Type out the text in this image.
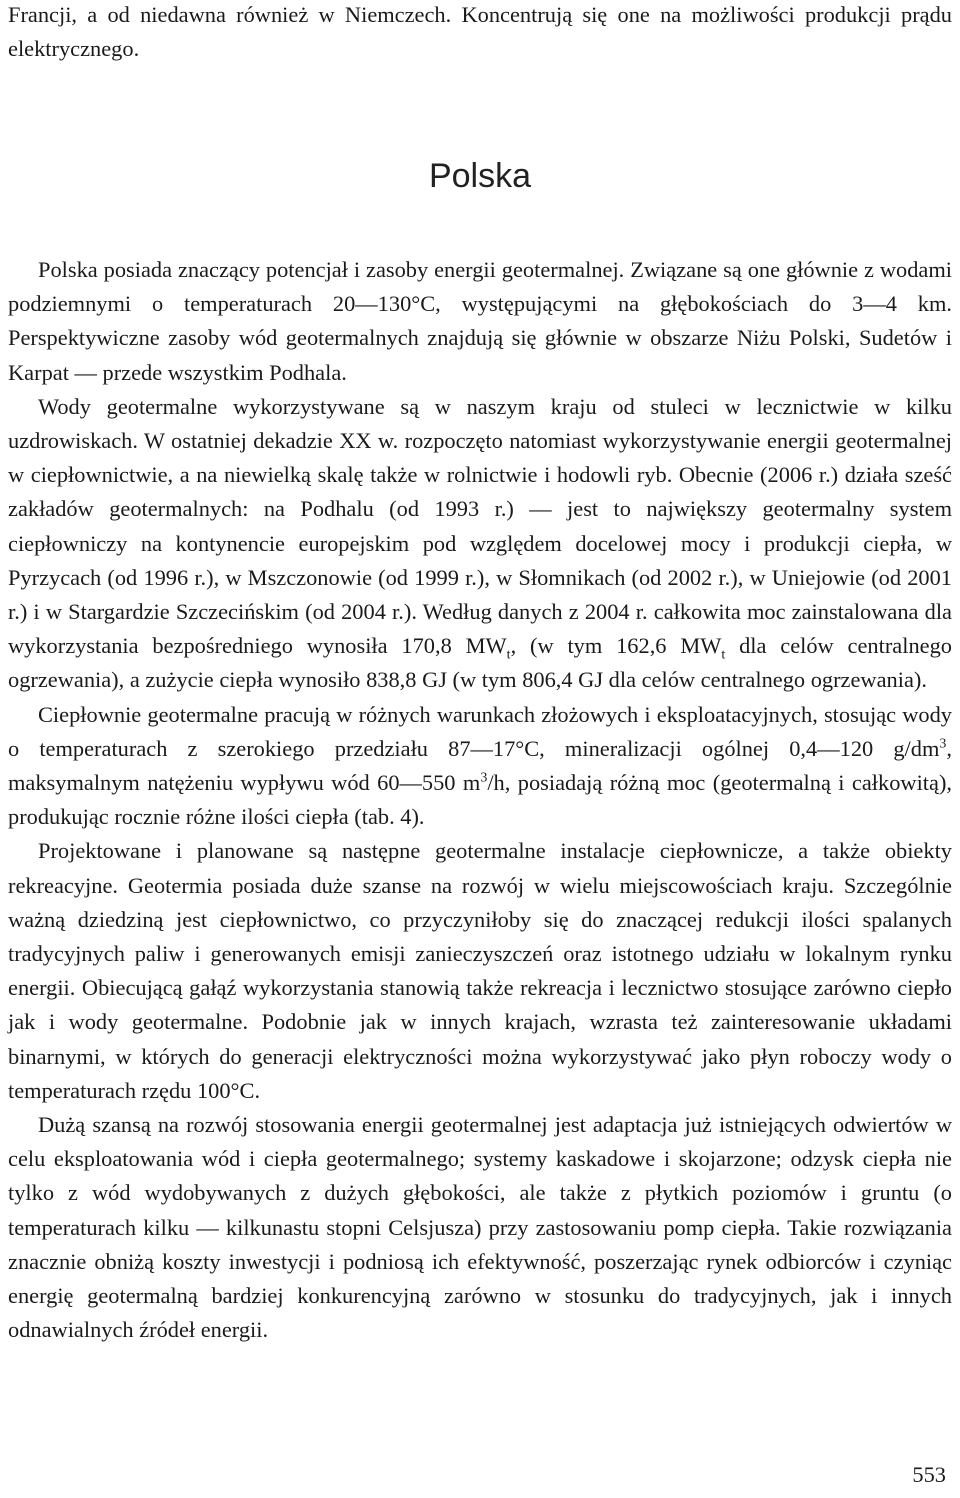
Francji, a od niedawna również w Niemczech. Koncentrują się one na możliwości produkcji prądu elektrycznego.

Polska

Polska posiada znaczący potencjał i zasoby energii geotermalnej. Związane są one głównie z wodami podziemnymi o temperaturach 20—130°C, występującymi na głębokościach do 3—4 km. Perspektywiczne zasoby wód geotermalnych znajdują się głównie w obszarze Niżu Polski, Sudetów i Karpat — przede wszystkim Podhala.

Wody geotermalne wykorzystywane są w naszym kraju od stuleci w lecznictwie w kilku uzdrowiskach. W ostatniej dekadzie XX w. rozpoczęto natomiast wykorzystywanie energii geotermalnej w ciepłownictwie, a na niewielką skalę także w rolnictwie i hodowli ryb. Obecnie (2006 r.) działa sześć zakładów geotermalnych: na Podhalu (od 1993 r.) — jest to największy geotermalny system ciepłowniczy na kontynencie europejskim pod względem docelowej mocy i produkcji ciepła, w Pyrzycach (od 1996 r.), w Mszczonowie (od 1999 r.), w Słomnikach (od 2002 r.), w Uniejowie (od 2001 r.) i w Stargardzie Szczecińskim (od 2004 r.). Według danych z 2004 r. całkowita moc zainstalowana dla wykorzystania bezpośredniego wynosiła 170,8 $MW_t$, (w tym 162,6 $MW_t$ dla celów centralnego ogrzewania), a zużycie ciepła wynosiło 838,8 GJ (w tym 806,4 GJ dla celów centralnego ogrzewania).

Ciepłownie geotermalne pracują w różnych warunkach złożowych i eksploatacyjnych, stosując wody o temperaturach z szerokiego przedziału 87—17°C, mineralizacji ogólnej 0,4—120 $g/dm^3$, maksymalnym natężeniu wypływu wód 60—550 $m^3/h$, posiadają różną moc (geotermalną i całkowitą), produkując rocznie różne ilości ciepła (tab. 4).

Projektowane i planowane są następne geotermalne instalacje ciepłownicze, a także obiekty rekreacyjne. Geotermia posiada duże szanse na rozwój w wielu miejscowościach kraju. Szczególnie ważną dziedziną jest ciepłownictwo, co przyczyniłoby się do znaczącej redukcji ilości spalanych tradycyjnych paliw i generowanych emisji zanieczyszczeń oraz istotnego udziału w lokalnym rynku energii. Obiecującą gałąź wykorzystania stanowią także rekreacja i lecznictwo stosujące zarówno ciepło jak i wody geotermalne. Podobnie jak w innych krajach, wzrasta też zainteresowanie układami binarnymi, w których do generacji elektryczności można wykorzystywać jako płyn roboczy wody o temperaturach rzędu 100°C.

Dużą szansą na rozwój stosowania energii geotermalnej jest adaptacja już istniejących odwiertów w celu eksploatowania wód i ciepła geotermalnego; systemy kaskadowe i skojarzone; odzysk ciepła nie tylko z wód wydobywanych z dużych głębokości, ale także z płytkich poziomów i gruntu (o temperaturach kilku — kilkunastu stopni Celsjusza) przy zastosowaniu pomp ciepła. Takie rozwiązania znacznie obniżą koszty inwestycji i podniosą ich efektywność, poszerzając rynek odbiorców i czyniąc energię geotermalną bardziej konkurencyjną zarówno w stosunku do tradycyjnych, jak i innych odnawialnych źródeł energii.

553
